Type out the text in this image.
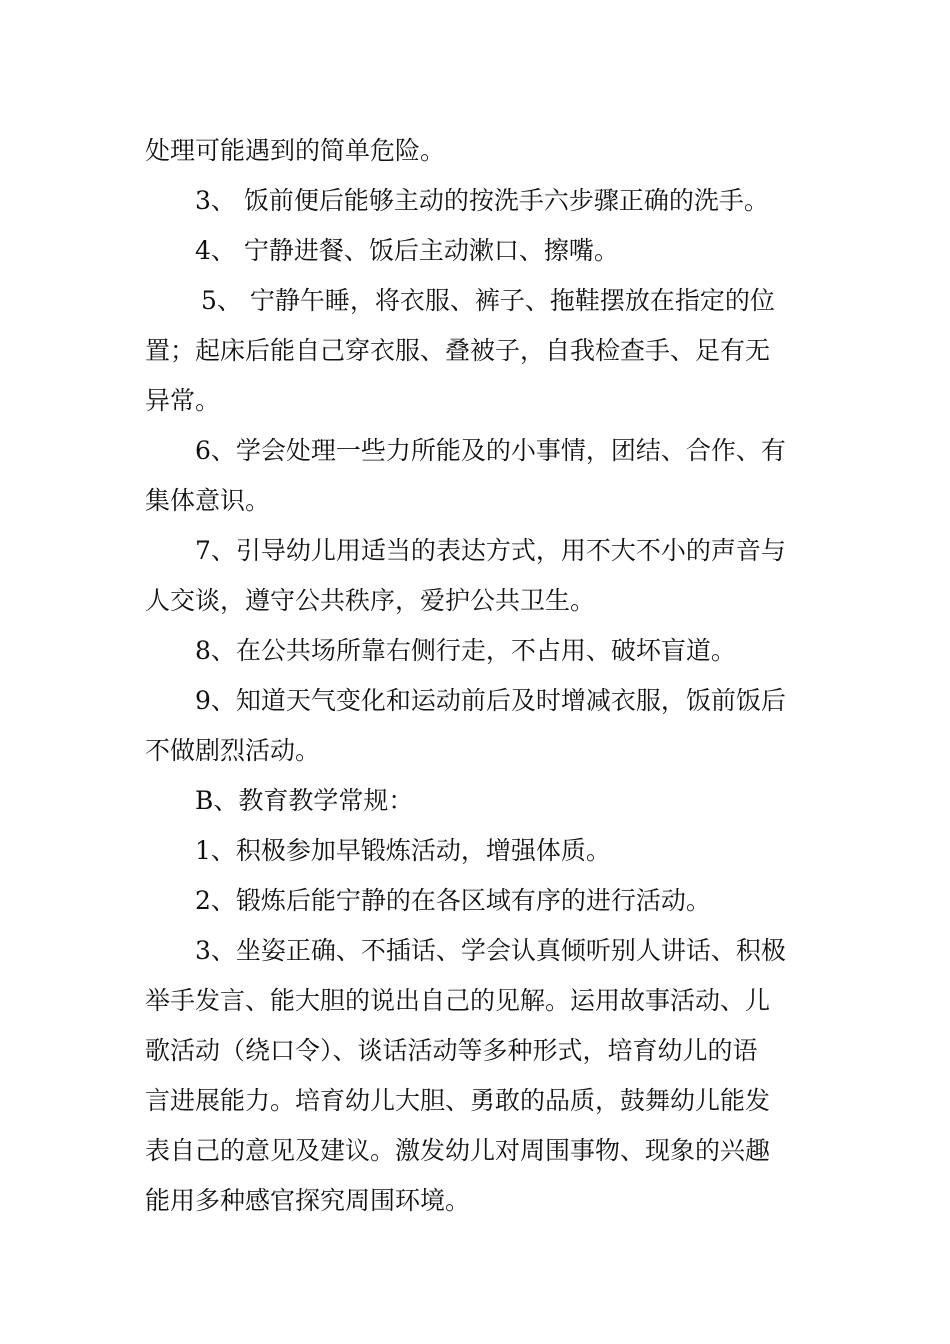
处理可能遇到的简单危险。
3、 饭前便后能够主动的按洗手六步骤正确的洗手。
4、 宁静进餐、饭后主动漱口、擦嘴。
5、 宁静午睡，将衣服、裤子、拖鞋摆放在指定的位
置；起床后能自己穿衣服、叠被子，自我检查手、足有无
异常。
6、学会处理一些力所能及的小事情，团结、合作、有
集体意识。
7、引导幼儿用适当的表达方式，用不大不小的声音与
人交谈，遵守公共秩序，爱护公共卫生。
8、在公共场所靠右侧行走，不占用、破坏盲道。
9、知道天气变化和运动前后及时增减衣服，饭前饭后
不做剧烈活动。
B、教育教学常规：
1、积极参加早锻炼活动，增强体质。
2、锻炼后能宁静的在各区域有序的进行活动。
3、坐姿正确、不插话、学会认真倾听别人讲话、积极
举手发言、能大胆的说出自己的见解。运用故事活动、儿
歌活动（绕口令）、谈话活动等多种形式，培育幼儿的语
言进展能力。培育幼儿大胆、勇敢的品质，鼓舞幼儿能发
表自己的意见及建议。激发幼儿对周围事物、现象的兴趣
能用多种感官探究周围环境。
